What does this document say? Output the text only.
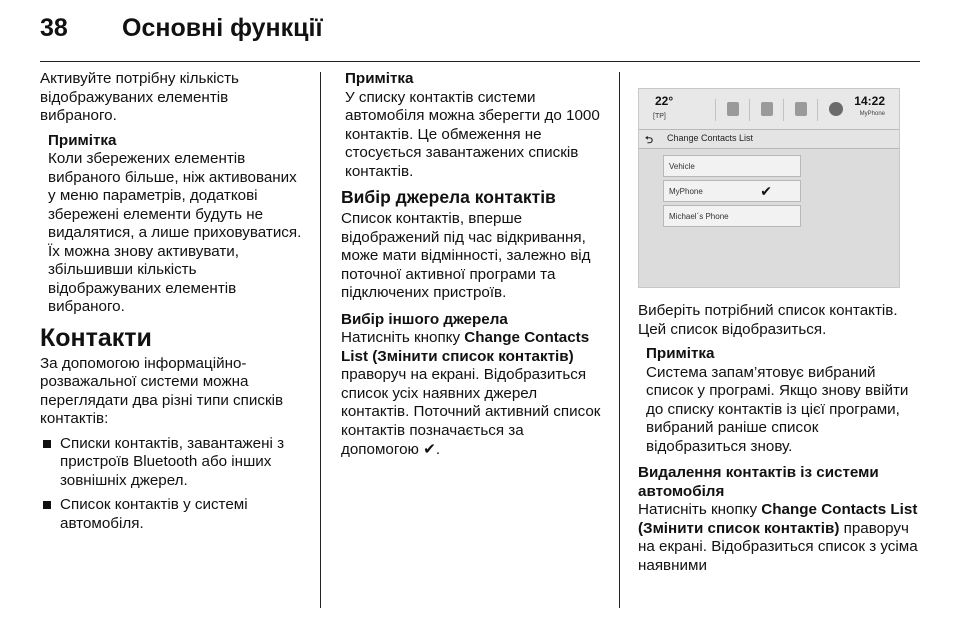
38 Основні функції

Активуйте потрібну кількість відображуваних елементів вибраного.

Примітка
Коли збережених елементів вибраного більше, ніж активованих у меню параметрів, додаткові збережені елементи будуть не видалятися, а лише приховуватися. Їх можна знову активувати, збільшивши кількість відображуваних елементів вибраного.
Контакти

За допомогою інформаційно-розважальної системи можна переглядати два різні типи списків контактів:

Списки контактів, завантажені з пристроїв Bluetooth або інших зовнішніх джерел.
Список контактів у системі автомобіля.
Примітка
У списку контактів системи автомобіля можна зберегти до 1000 контактів. Це обмеження не стосується завантажених списків контактів.
Вибір джерела контактів

Список контактів, вперше відображений під час відкривання, може мати відмінності, залежно від поточної активної програми та підключених пристроїв.

Вибір іншого джерела

Натисніть кнопку Change Contacts List (Змінити список контактів) праворуч на екрані. Відобразиться список усіх наявних джерел контактів. Поточний активний список контактів позначається за допомогою ✔.

22°
[TP]
14:22
MyPhone
⮌ Change Contacts List
Vehicle
MyPhone	✔
Michael´s Phone

Виберіть потрібний список контактів. Цей список відобразиться.

Примітка
Система запам’ятовує вибраний список у програмі. Якщо знову ввійти до списку контактів із цієї програми, вибраний раніше список відобразиться знову.
Видалення контактів із системи автомобіля

Натисніть кнопку Change Contacts List (Змінити список контактів) праворуч на екрані. Відобразиться список з усіма наявними
